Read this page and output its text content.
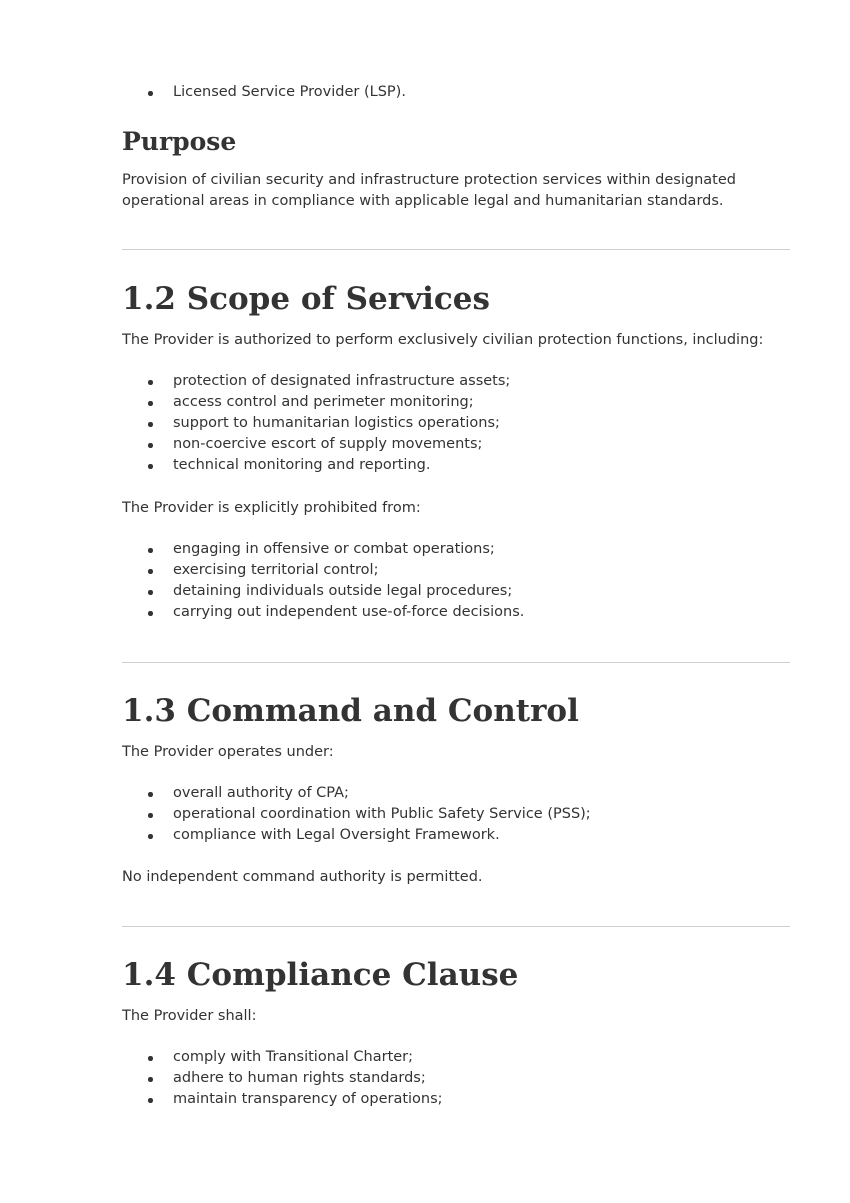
Licensed Service Provider (LSP).
Purpose

Provision of civilian security and infrastructure protection services within designated operational areas in compliance with applicable legal and humanitarian standards.

1.2 Scope of Services

The Provider is authorized to perform exclusively civilian protection functions, including:

protection of designated infrastructure assets;
access control and perimeter monitoring;
support to humanitarian logistics operations;
non-coercive escort of supply movements;
technical monitoring and reporting.

The Provider is explicitly prohibited from:

engaging in offensive or combat operations;
exercising territorial control;
detaining individuals outside legal procedures;
carrying out independent use-of-force decisions.
1.3 Command and Control

The Provider operates under:

overall authority of CPA;
operational coordination with Public Safety Service (PSS);
compliance with Legal Oversight Framework.

No independent command authority is permitted.

1.4 Compliance Clause

The Provider shall:

comply with Transitional Charter;
adhere to human rights standards;
maintain transparency of operations;
